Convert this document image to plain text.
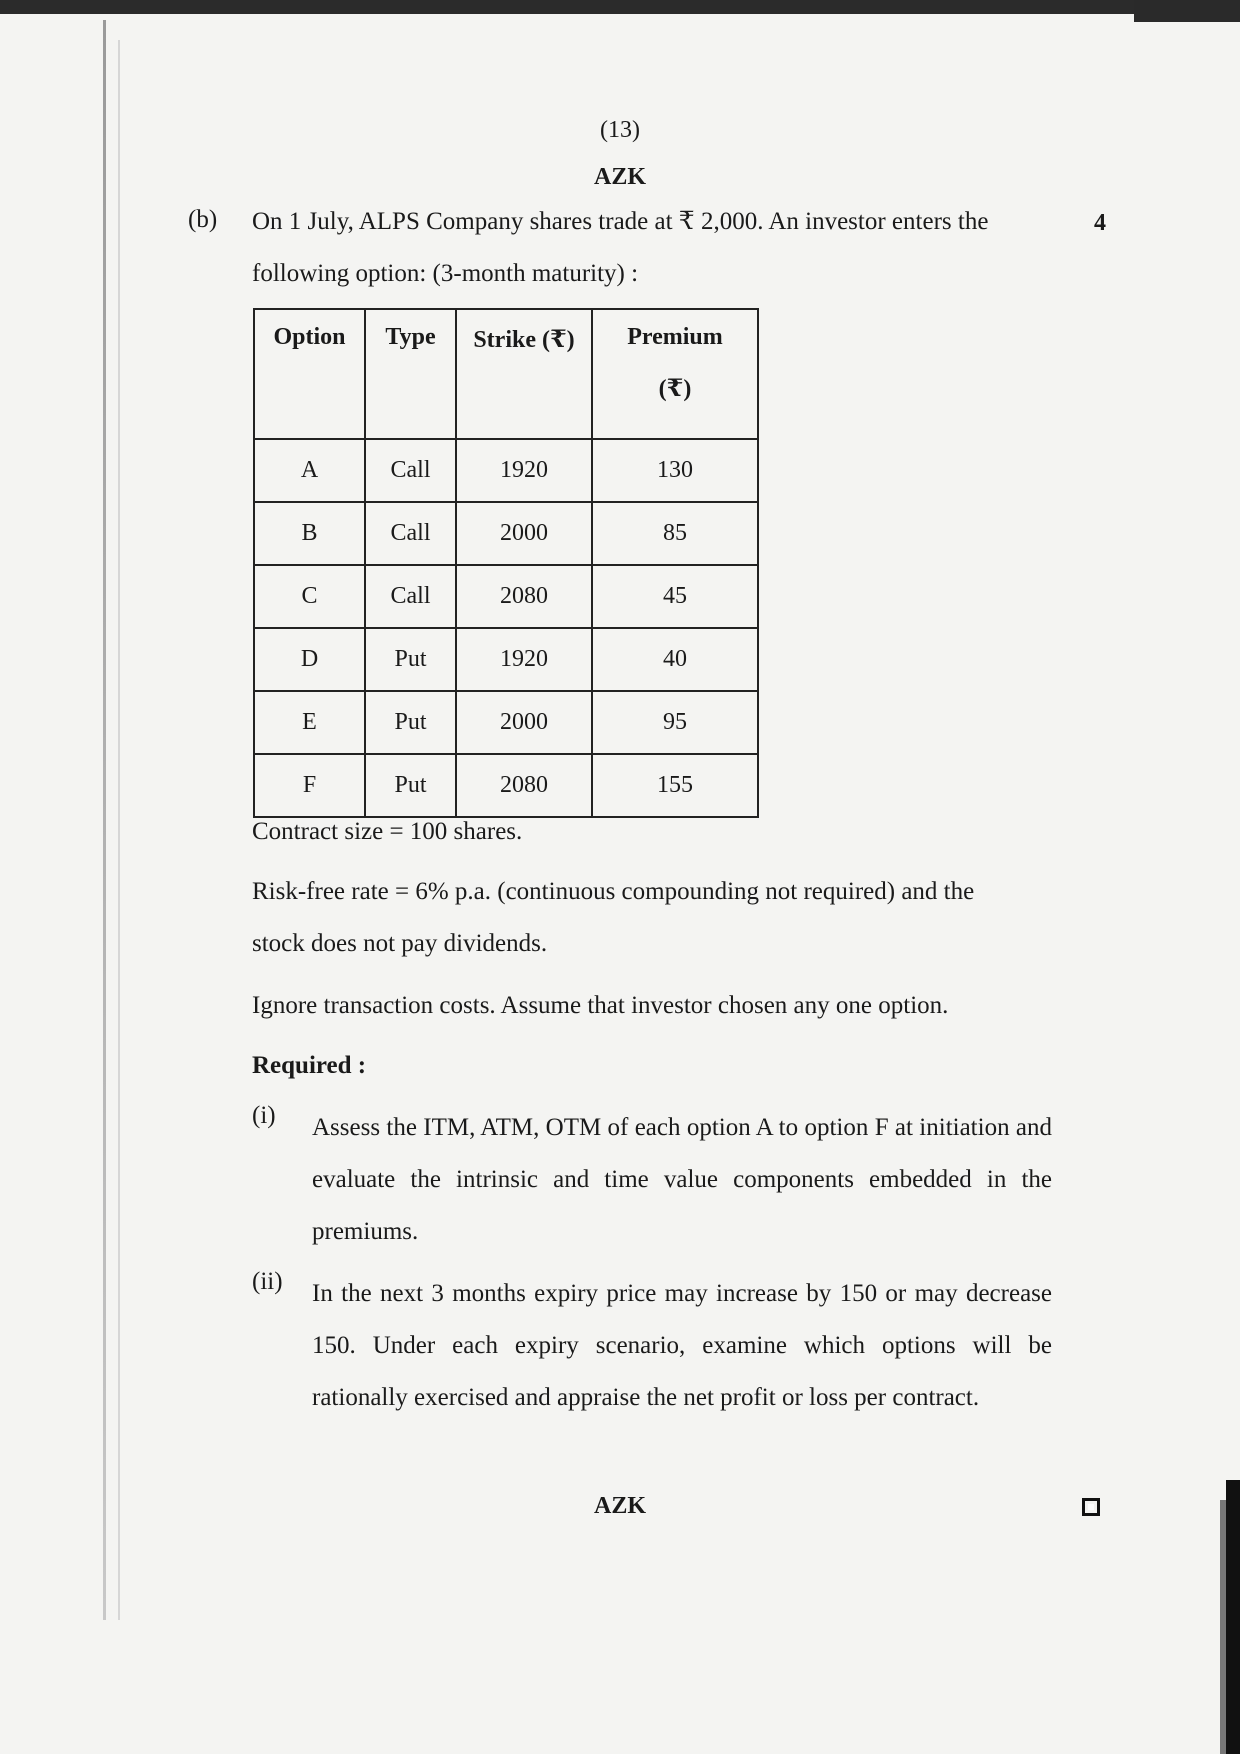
(13)
AZK
(b)	4
On 1 July, ALPS Company shares trade at ₹ 2,000. An investor enters the
following option: (3-month maturity) :
Option	Type	Strike (₹)	Premium
(₹)

A	Call	1920	130
B	Call	2000	85
C	Call	2080	45
D	Put	1920	40
E	Put	2000	95
F	Put	2080	155
Contract size = 100 shares.
Risk-free rate = 6% p.a. (continuous compounding not required) and the
stock does not pay dividends.
Ignore transaction costs. Assume that investor chosen any one option.
Required :
(i) Assess the ITM, ATM, OTM of each option A to option F at initiation and evaluate the intrinsic and time value components embedded in the premiums.
(ii) In the next 3 months expiry price may increase by 150 or may decrease 150. Under each expiry scenario, examine which options will be rationally exercised and appraise the net profit or loss per contract.
AZK
